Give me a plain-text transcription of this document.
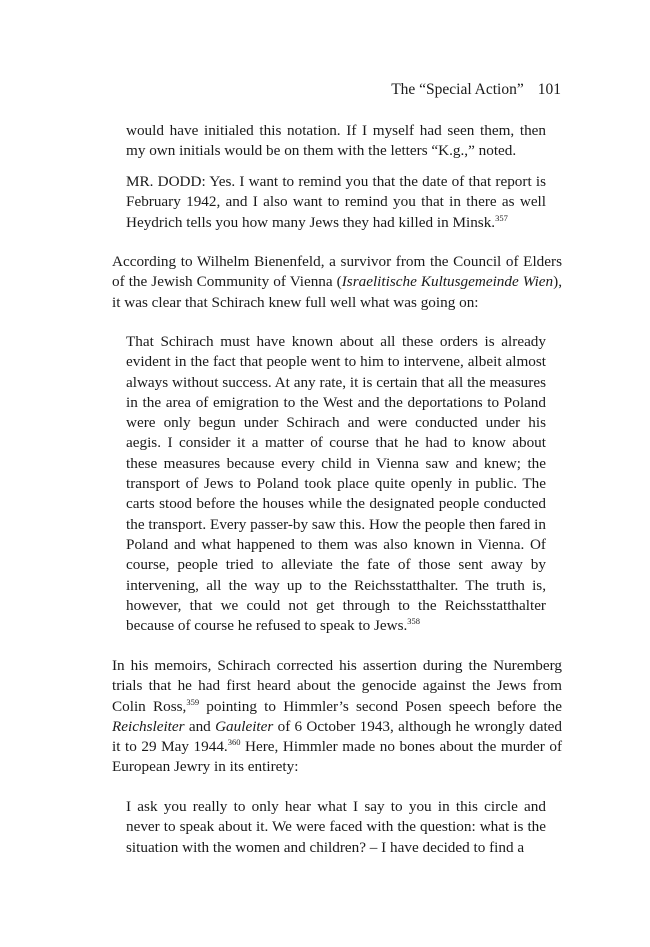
The “Special Action” 101

would have initialed this notation. If I myself had seen them, then my own initials would be on them with the letters “K.g.,” noted.

MR. DODD: Yes. I want to remind you that the date of that report is February 1942, and I also want to remind you that in there as well Heydrich tells you how many Jews they had killed in Minsk.$^{357}$

According to Wilhelm Bienenfeld, a survivor from the Council of Elders of the Jewish Community of Vienna (Israelitische Kultusgemeinde Wien), it was clear that Schirach knew full well what was going on:

That Schirach must have known about all these orders is already evident in the fact that people went to him to intervene, albeit almost always without success. At any rate, it is certain that all the measures in the area of emigration to the West and the deportations to Poland were only begun under Schirach and were conducted under his aegis. I consider it a matter of course that he had to know about these measures because every child in Vienna saw and knew; the transport of Jews to Poland took place quite openly in public. The carts stood before the houses while the designated people conducted the transport. Every passer-by saw this. How the people then fared in Poland and what happened to them was also known in Vienna. Of course, people tried to alleviate the fate of those sent away by intervening, all the way up to the Reichsstatthalter. The truth is, however, that we could not get through to the Reichsstatthalter because of course he refused to speak to Jews.$^{358}$

In his memoirs, Schirach corrected his assertion during the Nuremberg trials that he had first heard about the genocide against the Jews from Colin Ross,$^{359}$ pointing to Himmler’s second Posen speech before the Reichsleiter and Gauleiter of 6 October 1943, although he wrongly dated it to 29 May 1944.$^{360}$ Here, Himmler made no bones about the murder of European Jewry in its entirety:

I ask you really to only hear what I say to you in this circle and never to speak about it. We were faced with the question: what is the situation with the women and children? – I have decided to find a
